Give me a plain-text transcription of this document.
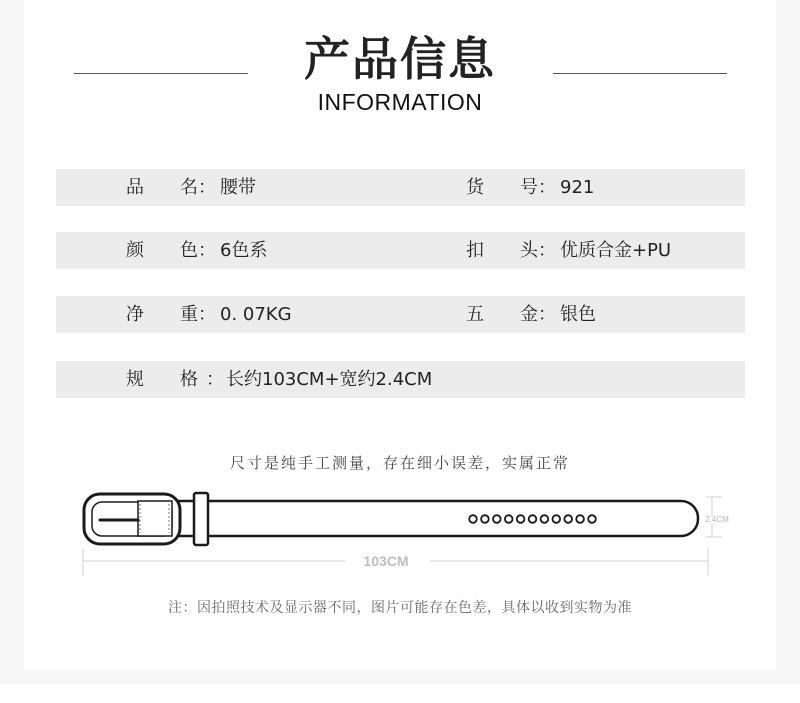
产品信息
INFORMATION
品　　名 ： 腰带	货　　号 ： 921
颜　　色 ： 6色系	扣　　头 ： 优质合金+PU
净　　重 ： 0. 07KG	五　　金 ： 银色
规　　格 ： 长约103CM+宽约2.4CM
尺寸是纯手工测量，存在细小误差，实属正常
2.4CM
103CM
注：因拍照技术及显示器不同，图片可能存在色差，具体以收到实物为准
